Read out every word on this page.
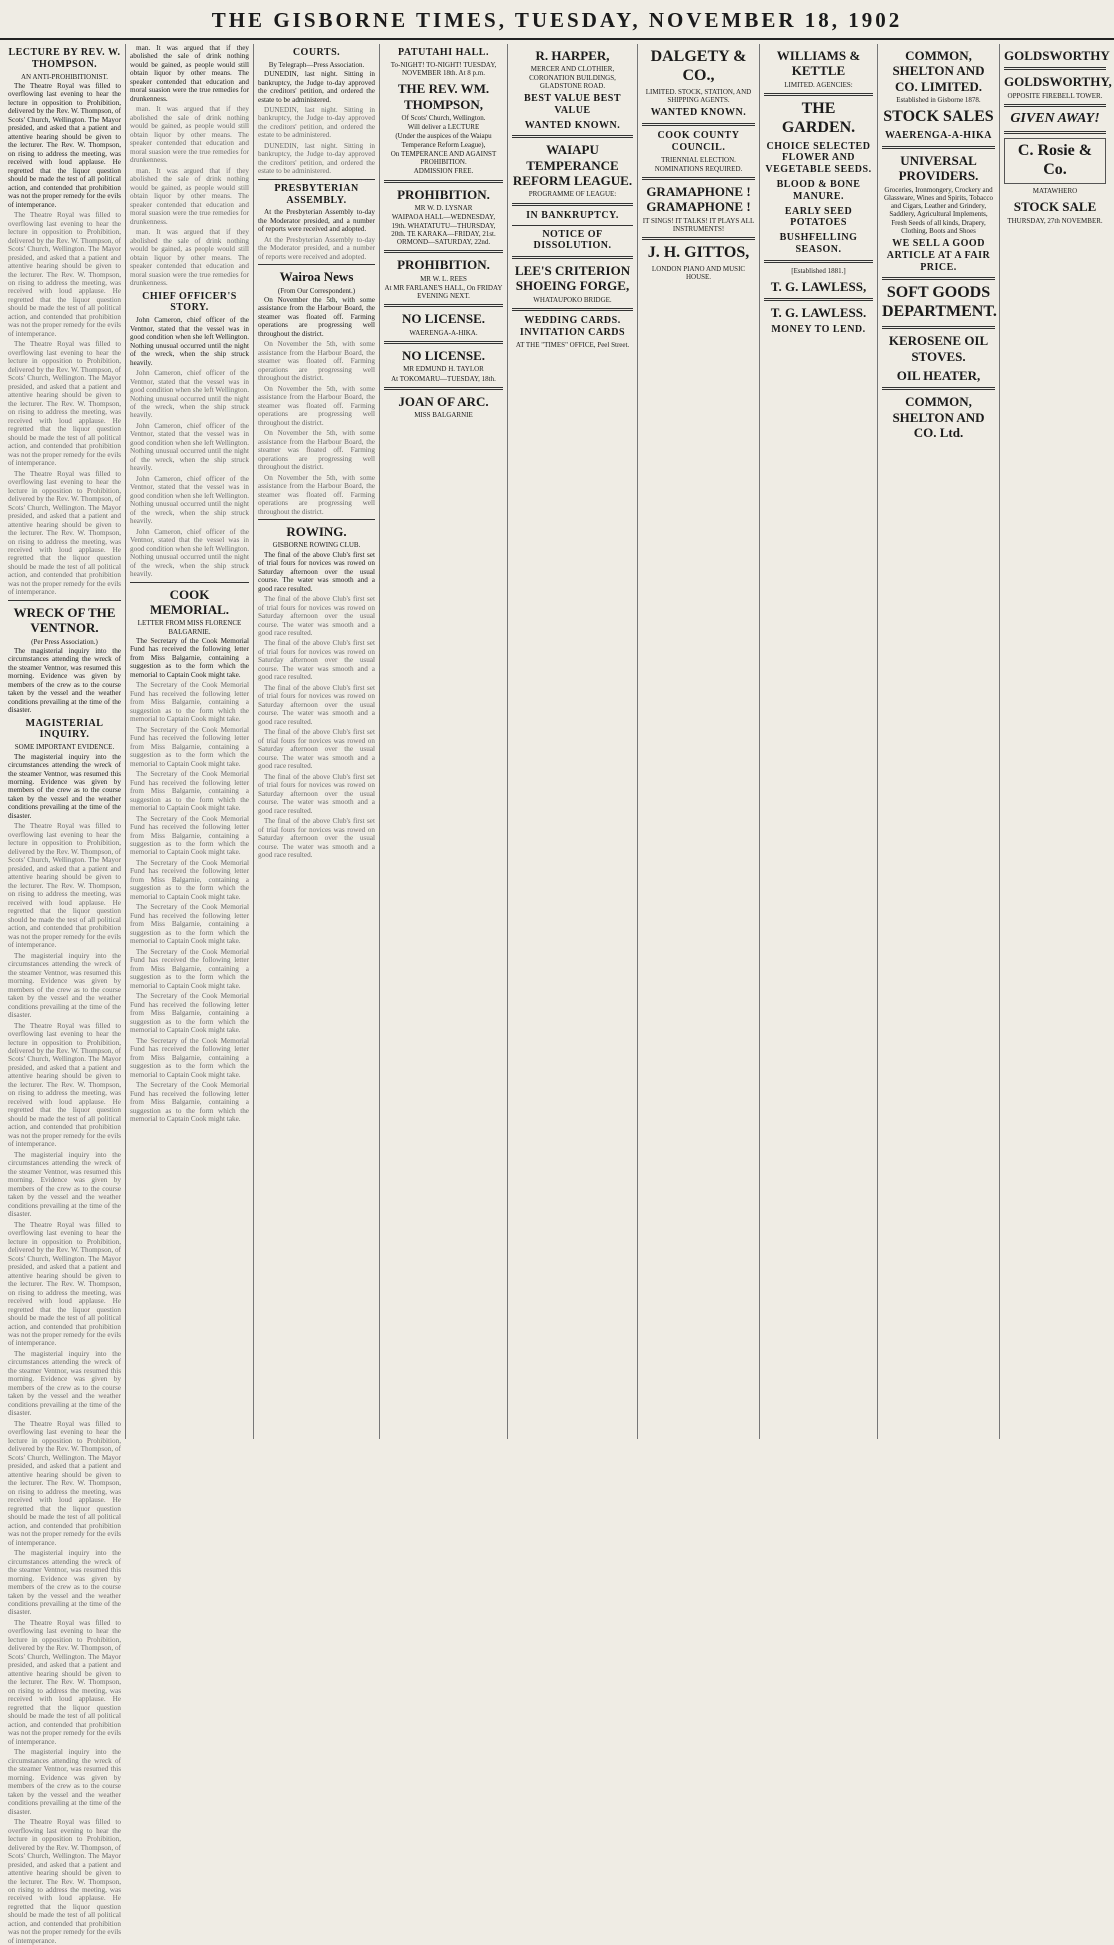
THE GISBORNE TIMES, TUESDAY, NOVEMBER 18, 1902
LECTURE BY REV. W. THOMPSON.
AN ANTI-PROHIBITIONIST.

The Theatre Royal was filled to overflowing last evening to hear the lecture in opposition to Prohibition, delivered by the Rev. W. Thompson, of Scots' Church, Wellington. The Mayor presided, and asked that a patient and attentive hearing should be given to the lecturer. The Rev. W. Thompson, on rising to address the meeting, was received with loud applause. He regretted that the liquor question should be made the test of all political action, and contended that prohibition was not the proper remedy for the evils of intemperance.

The Theatre Royal was filled to overflowing last evening to hear the lecture in opposition to Prohibition, delivered by the Rev. W. Thompson, of Scots' Church, Wellington. The Mayor presided, and asked that a patient and attentive hearing should be given to the lecturer. The Rev. W. Thompson, on rising to address the meeting, was received with loud applause. He regretted that the liquor question should be made the test of all political action, and contended that prohibition was not the proper remedy for the evils of intemperance.

The Theatre Royal was filled to overflowing last evening to hear the lecture in opposition to Prohibition, delivered by the Rev. W. Thompson, of Scots' Church, Wellington. The Mayor presided, and asked that a patient and attentive hearing should be given to the lecturer. The Rev. W. Thompson, on rising to address the meeting, was received with loud applause. He regretted that the liquor question should be made the test of all political action, and contended that prohibition was not the proper remedy for the evils of intemperance.

The Theatre Royal was filled to overflowing last evening to hear the lecture in opposition to Prohibition, delivered by the Rev. W. Thompson, of Scots' Church, Wellington. The Mayor presided, and asked that a patient and attentive hearing should be given to the lecturer. The Rev. W. Thompson, on rising to address the meeting, was received with loud applause. He regretted that the liquor question should be made the test of all political action, and contended that prohibition was not the proper remedy for the evils of intemperance.

WRECK OF THE VENTNOR.
(Per Press Association.)

The magisterial inquiry into the circumstances attending the wreck of the steamer Ventnor, was resumed this morning. Evidence was given by members of the crew as to the course taken by the vessel and the weather conditions prevailing at the time of the disaster.

MAGISTERIAL INQUIRY.
SOME IMPORTANT EVIDENCE.

The magisterial inquiry into the circumstances attending the wreck of the steamer Ventnor, was resumed this morning. Evidence was given by members of the crew as to the course taken by the vessel and the weather conditions prevailing at the time of the disaster.

The Theatre Royal was filled to overflowing last evening to hear the lecture in opposition to Prohibition, delivered by the Rev. W. Thompson, of Scots' Church, Wellington. The Mayor presided, and asked that a patient and attentive hearing should be given to the lecturer. The Rev. W. Thompson, on rising to address the meeting, was received with loud applause. He regretted that the liquor question should be made the test of all political action, and contended that prohibition was not the proper remedy for the evils of intemperance.

The magisterial inquiry into the circumstances attending the wreck of the steamer Ventnor, was resumed this morning. Evidence was given by members of the crew as to the course taken by the vessel and the weather conditions prevailing at the time of the disaster.

The Theatre Royal was filled to overflowing last evening to hear the lecture in opposition to Prohibition, delivered by the Rev. W. Thompson, of Scots' Church, Wellington. The Mayor presided, and asked that a patient and attentive hearing should be given to the lecturer. The Rev. W. Thompson, on rising to address the meeting, was received with loud applause. He regretted that the liquor question should be made the test of all political action, and contended that prohibition was not the proper remedy for the evils of intemperance.

The magisterial inquiry into the circumstances attending the wreck of the steamer Ventnor, was resumed this morning. Evidence was given by members of the crew as to the course taken by the vessel and the weather conditions prevailing at the time of the disaster.

The Theatre Royal was filled to overflowing last evening to hear the lecture in opposition to Prohibition, delivered by the Rev. W. Thompson, of Scots' Church, Wellington. The Mayor presided, and asked that a patient and attentive hearing should be given to the lecturer. The Rev. W. Thompson, on rising to address the meeting, was received with loud applause. He regretted that the liquor question should be made the test of all political action, and contended that prohibition was not the proper remedy for the evils of intemperance.

The magisterial inquiry into the circumstances attending the wreck of the steamer Ventnor, was resumed this morning. Evidence was given by members of the crew as to the course taken by the vessel and the weather conditions prevailing at the time of the disaster.

The Theatre Royal was filled to overflowing last evening to hear the lecture in opposition to Prohibition, delivered by the Rev. W. Thompson, of Scots' Church, Wellington. The Mayor presided, and asked that a patient and attentive hearing should be given to the lecturer. The Rev. W. Thompson, on rising to address the meeting, was received with loud applause. He regretted that the liquor question should be made the test of all political action, and contended that prohibition was not the proper remedy for the evils of intemperance.

The magisterial inquiry into the circumstances attending the wreck of the steamer Ventnor, was resumed this morning. Evidence was given by members of the crew as to the course taken by the vessel and the weather conditions prevailing at the time of the disaster.

The Theatre Royal was filled to overflowing last evening to hear the lecture in opposition to Prohibition, delivered by the Rev. W. Thompson, of Scots' Church, Wellington. The Mayor presided, and asked that a patient and attentive hearing should be given to the lecturer. The Rev. W. Thompson, on rising to address the meeting, was received with loud applause. He regretted that the liquor question should be made the test of all political action, and contended that prohibition was not the proper remedy for the evils of intemperance.

The magisterial inquiry into the circumstances attending the wreck of the steamer Ventnor, was resumed this morning. Evidence was given by members of the crew as to the course taken by the vessel and the weather conditions prevailing at the time of the disaster.

The Theatre Royal was filled to overflowing last evening to hear the lecture in opposition to Prohibition, delivered by the Rev. W. Thompson, of Scots' Church, Wellington. The Mayor presided, and asked that a patient and attentive hearing should be given to the lecturer. The Rev. W. Thompson, on rising to address the meeting, was received with loud applause. He regretted that the liquor question should be made the test of all political action, and contended that prohibition was not the proper remedy for the evils of intemperance.

man. It was argued that if they abolished the sale of drink nothing would be gained, as people would still obtain liquor by other means. The speaker contended that education and moral suasion were the true remedies for drunkenness.

man. It was argued that if they abolished the sale of drink nothing would be gained, as people would still obtain liquor by other means. The speaker contended that education and moral suasion were the true remedies for drunkenness.

man. It was argued that if they abolished the sale of drink nothing would be gained, as people would still obtain liquor by other means. The speaker contended that education and moral suasion were the true remedies for drunkenness.

man. It was argued that if they abolished the sale of drink nothing would be gained, as people would still obtain liquor by other means. The speaker contended that education and moral suasion were the true remedies for drunkenness.

CHIEF OFFICER'S STORY.

John Cameron, chief officer of the Ventnor, stated that the vessel was in good condition when she left Wellington. Nothing unusual occurred until the night of the wreck, when the ship struck heavily.

John Cameron, chief officer of the Ventnor, stated that the vessel was in good condition when she left Wellington. Nothing unusual occurred until the night of the wreck, when the ship struck heavily.

John Cameron, chief officer of the Ventnor, stated that the vessel was in good condition when she left Wellington. Nothing unusual occurred until the night of the wreck, when the ship struck heavily.

John Cameron, chief officer of the Ventnor, stated that the vessel was in good condition when she left Wellington. Nothing unusual occurred until the night of the wreck, when the ship struck heavily.

John Cameron, chief officer of the Ventnor, stated that the vessel was in good condition when she left Wellington. Nothing unusual occurred until the night of the wreck, when the ship struck heavily.

COOK MEMORIAL.
LETTER FROM MISS FLORENCE BALGARNIE.

The Secretary of the Cook Memorial Fund has received the following letter from Miss Balgarnie, containing a suggestion as to the form which the memorial to Captain Cook might take.

The Secretary of the Cook Memorial Fund has received the following letter from Miss Balgarnie, containing a suggestion as to the form which the memorial to Captain Cook might take.

The Secretary of the Cook Memorial Fund has received the following letter from Miss Balgarnie, containing a suggestion as to the form which the memorial to Captain Cook might take.

The Secretary of the Cook Memorial Fund has received the following letter from Miss Balgarnie, containing a suggestion as to the form which the memorial to Captain Cook might take.

The Secretary of the Cook Memorial Fund has received the following letter from Miss Balgarnie, containing a suggestion as to the form which the memorial to Captain Cook might take.

The Secretary of the Cook Memorial Fund has received the following letter from Miss Balgarnie, containing a suggestion as to the form which the memorial to Captain Cook might take.

The Secretary of the Cook Memorial Fund has received the following letter from Miss Balgarnie, containing a suggestion as to the form which the memorial to Captain Cook might take.

The Secretary of the Cook Memorial Fund has received the following letter from Miss Balgarnie, containing a suggestion as to the form which the memorial to Captain Cook might take.

The Secretary of the Cook Memorial Fund has received the following letter from Miss Balgarnie, containing a suggestion as to the form which the memorial to Captain Cook might take.

The Secretary of the Cook Memorial Fund has received the following letter from Miss Balgarnie, containing a suggestion as to the form which the memorial to Captain Cook might take.

The Secretary of the Cook Memorial Fund has received the following letter from Miss Balgarnie, containing a suggestion as to the form which the memorial to Captain Cook might take.

COURTS.
By Telegraph—Press Association.

DUNEDIN, last night. Sitting in bankruptcy, the Judge to-day approved the creditors' petition, and ordered the estate to be administered.

DUNEDIN, last night. Sitting in bankruptcy, the Judge to-day approved the creditors' petition, and ordered the estate to be administered.

DUNEDIN, last night. Sitting in bankruptcy, the Judge to-day approved the creditors' petition, and ordered the estate to be administered.

PRESBYTERIAN ASSEMBLY.

At the Presbyterian Assembly to-day the Moderator presided, and a number of reports were received and adopted.

At the Presbyterian Assembly to-day the Moderator presided, and a number of reports were received and adopted.

Wairoa News
(From Our Correspondent.)

On November the 5th, with some assistance from the Harbour Board, the steamer was floated off. Farming operations are progressing well throughout the district.

On November the 5th, with some assistance from the Harbour Board, the steamer was floated off. Farming operations are progressing well throughout the district.

On November the 5th, with some assistance from the Harbour Board, the steamer was floated off. Farming operations are progressing well throughout the district.

On November the 5th, with some assistance from the Harbour Board, the steamer was floated off. Farming operations are progressing well throughout the district.

On November the 5th, with some assistance from the Harbour Board, the steamer was floated off. Farming operations are progressing well throughout the district.

ROWING.
GISBORNE ROWING CLUB.

The final of the above Club's first set of trial fours for novices was rowed on Saturday afternoon over the usual course. The water was smooth and a good race resulted.

The final of the above Club's first set of trial fours for novices was rowed on Saturday afternoon over the usual course. The water was smooth and a good race resulted.

The final of the above Club's first set of trial fours for novices was rowed on Saturday afternoon over the usual course. The water was smooth and a good race resulted.

The final of the above Club's first set of trial fours for novices was rowed on Saturday afternoon over the usual course. The water was smooth and a good race resulted.

The final of the above Club's first set of trial fours for novices was rowed on Saturday afternoon over the usual course. The water was smooth and a good race resulted.

The final of the above Club's first set of trial fours for novices was rowed on Saturday afternoon over the usual course. The water was smooth and a good race resulted.

The final of the above Club's first set of trial fours for novices was rowed on Saturday afternoon over the usual course. The water was smooth and a good race resulted.

PATUTAHI HALL.
To-NIGHT! TO-NIGHT! TUESDAY, NOVEMBER 18th. At 8 p.m.
THE REV. WM. THOMPSON,
Of Scots' Church, Wellington.
Will deliver a LECTURE
(Under the auspices of the Waiapu Temperance Reform League),
On TEMPERANCE AND AGAINST PROHIBITION.
ADMISSION FREE.
PROHIBITION.
MR W. D. LYSNAR
WAIPAOA HALL—WEDNESDAY, 19th. WHATATUTU—THURSDAY, 20th. TE KARAKA—FRIDAY, 21st. ORMOND—SATURDAY, 22nd.
PROHIBITION.
MR W. L. REES
At MR FARLANE'S HALL, On FRIDAY EVENING NEXT.
NO LICENSE.
WAERENGA-A-HIKA.
NO LICENSE.
MR EDMUND H. TAYLOR
At TOKOMARU—TUESDAY, 18th.
JOAN OF ARC.
MISS BALGARNIE
R. HARPER,
MERCER AND CLOTHIER, CORONATION BUILDINGS, GLADSTONE ROAD.
BEST VALUE BEST VALUE
WANTED KNOWN.
WAIAPU TEMPERANCE REFORM LEAGUE.
PROGRAMME OF LEAGUE:
IN BANKRUPTCY.
NOTICE OF DISSOLUTION.
LEE'S CRITERION SHOEING FORGE,
WHATAUPOKO BRIDGE.
WEDDING CARDS. INVITATION CARDS
AT THE "TIMES" OFFICE, Peel Street.
DALGETY & CO.,
LIMITED. STOCK, STATION, AND SHIPPING AGENTS.
WANTED KNOWN.
COOK COUNTY COUNCIL.
TRIENNIAL ELECTION.
NOMINATIONS REQUIRED.
GRAMAPHONE ! GRAMAPHONE !
IT SINGS! IT TALKS! IT PLAYS ALL INSTRUMENTS!
J. H. GITTOS,
LONDON PIANO AND MUSIC HOUSE.
WILLIAMS & KETTLE
LIMITED. AGENCIES:
THE GARDEN.
CHOICE SELECTED FLOWER AND VEGETABLE SEEDS.
BLOOD & BONE MANURE.
EARLY SEED POTATOES
BUSHFELLING SEASON.
[Established 1881.]
T. G. LAWLESS,
T. G. LAWLESS.
MONEY TO LEND.
COMMON, SHELTON AND CO. LIMITED.
Established in Gisborne 1878.
STOCK SALES
WAERENGA-A-HIKA
UNIVERSAL PROVIDERS.
Groceries, Ironmongery, Crockery and Glassware, Wines and Spirits, Tobacco and Cigars, Leather and Grindery, Saddlery, Agricultural Implements, Fresh Seeds of all kinds, Drapery, Clothing, Boots and Shoes
WE SELL A GOOD ARTICLE AT A FAIR PRICE.
SOFT GOODS DEPARTMENT.
KEROSENE OIL STOVES.
OIL HEATER,
COMMON, SHELTON AND CO. Ltd.
GOLDSWORTHY
GOLDSWORTHY,
OPPOSITE FIREBELL TOWER.
GIVEN AWAY!
C. Rosie & Co.
MATAWHERO
STOCK SALE
THURSDAY, 27th NOVEMBER.
